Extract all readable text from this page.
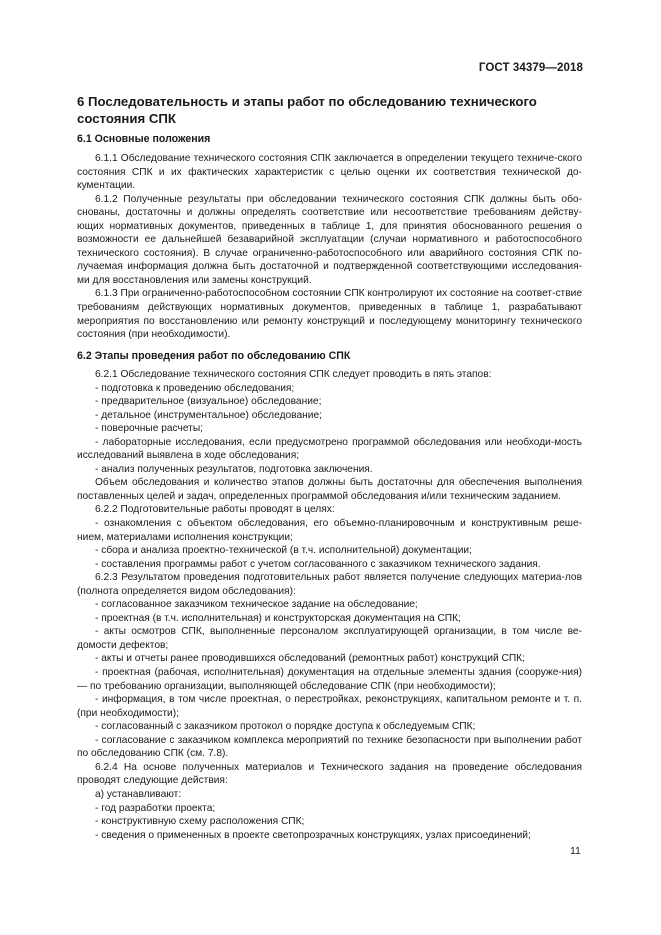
ГОСТ 34379—2018
6 Последовательность и этапы работ по обследованию технического состояния СПК
6.1 Основные положения

6.1.1 Обследование технического состояния СПК заключается в определении текущего техниче-ского состояния СПК и их фактических характеристик с целью оценки их соответствия технической до-кументации.

6.1.2 Полученные результаты при обследовании технического состояния СПК должны быть обо-снованы, достаточны и должны определять соответствие или несоответствие требованиям действу-ющих нормативных документов, приведенных в таблице 1, для принятия обоснованного решения о возможности ее дальнейшей безаварийной эксплуатации (случаи нормативного и работоспособного технического состояния). В случае ограниченно-работоспособного или аварийного состояния СПК по-лучаемая информация должна быть достаточной и подтвержденной соответствующими исследования-ми для восстановления или замены конструкций.

6.1.3 При ограниченно-работоспособном состоянии СПК контролируют их состояние на соответ-ствие требованиям действующих нормативных документов, приведенных в таблице 1, разрабатывают мероприятия по восстановлению или ремонту конструкций и последующему мониторингу технического состояния (при необходимости).

6.2 Этапы проведения работ по обследованию СПК

6.2.1 Обследование технического состояния СПК следует проводить в пять этапов:

- подготовка к проведению обследования;

- предварительное (визуальное) обследование;

- детальное (инструментальное) обследование;

- поверочные расчеты;

- лабораторные исследования, если предусмотрено программой обследования или необходи-мость исследований выявлена в ходе обследования;

- анализ полученных результатов, подготовка заключения.

Объем обследования и количество этапов должны быть достаточны для обеспечения выполнения поставленных целей и задач, определенных программой обследования и/или техническим заданием.

6.2.2 Подготовительные работы проводят в целях:

- ознакомления с объектом обследования, его объемно-планировочным и конструктивным реше-нием, материалами исполнения конструкции;

- сбора и анализа проектно-технической (в т.ч. исполнительной) документации;

- составления программы работ с учетом согласованного с заказчиком технического задания.

6.2.3 Результатом проведения подготовительных работ является получение следующих материа-лов (полнота определяется видом обследования):

- согласованное заказчиком техническое задание на обследование;

- проектная (в т.ч. исполнительная) и конструкторская документация на СПК;

- акты осмотров СПК, выполненные персоналом эксплуатирующей организации, в том числе ве-домости дефектов;

- акты и отчеты ранее проводившихся обследований (ремонтных работ) конструкций СПК;

- проектная (рабочая, исполнительная) документация на отдельные элементы здания (сооруже-ния) — по требованию организации, выполняющей обследование СПК (при необходимости);

- информация, в том числе проектная, о перестройках, реконструкциях, капитальном ремонте и т. п. (при необходимости);

- согласованный с заказчиком протокол о порядке доступа к обследуемым СПК;

- согласование с заказчиком комплекса мероприятий по технике безопасности при выполнении работ по обследованию СПК (см. 7.8).

6.2.4 На основе полученных материалов и Технического задания на проведение обследования проводят следующие действия:

а) устанавливают:

- год разработки проекта;

- конструктивную схему расположения СПК;

- сведения о примененных в проекте светопрозрачных конструкциях, узлах присоединений;

11
